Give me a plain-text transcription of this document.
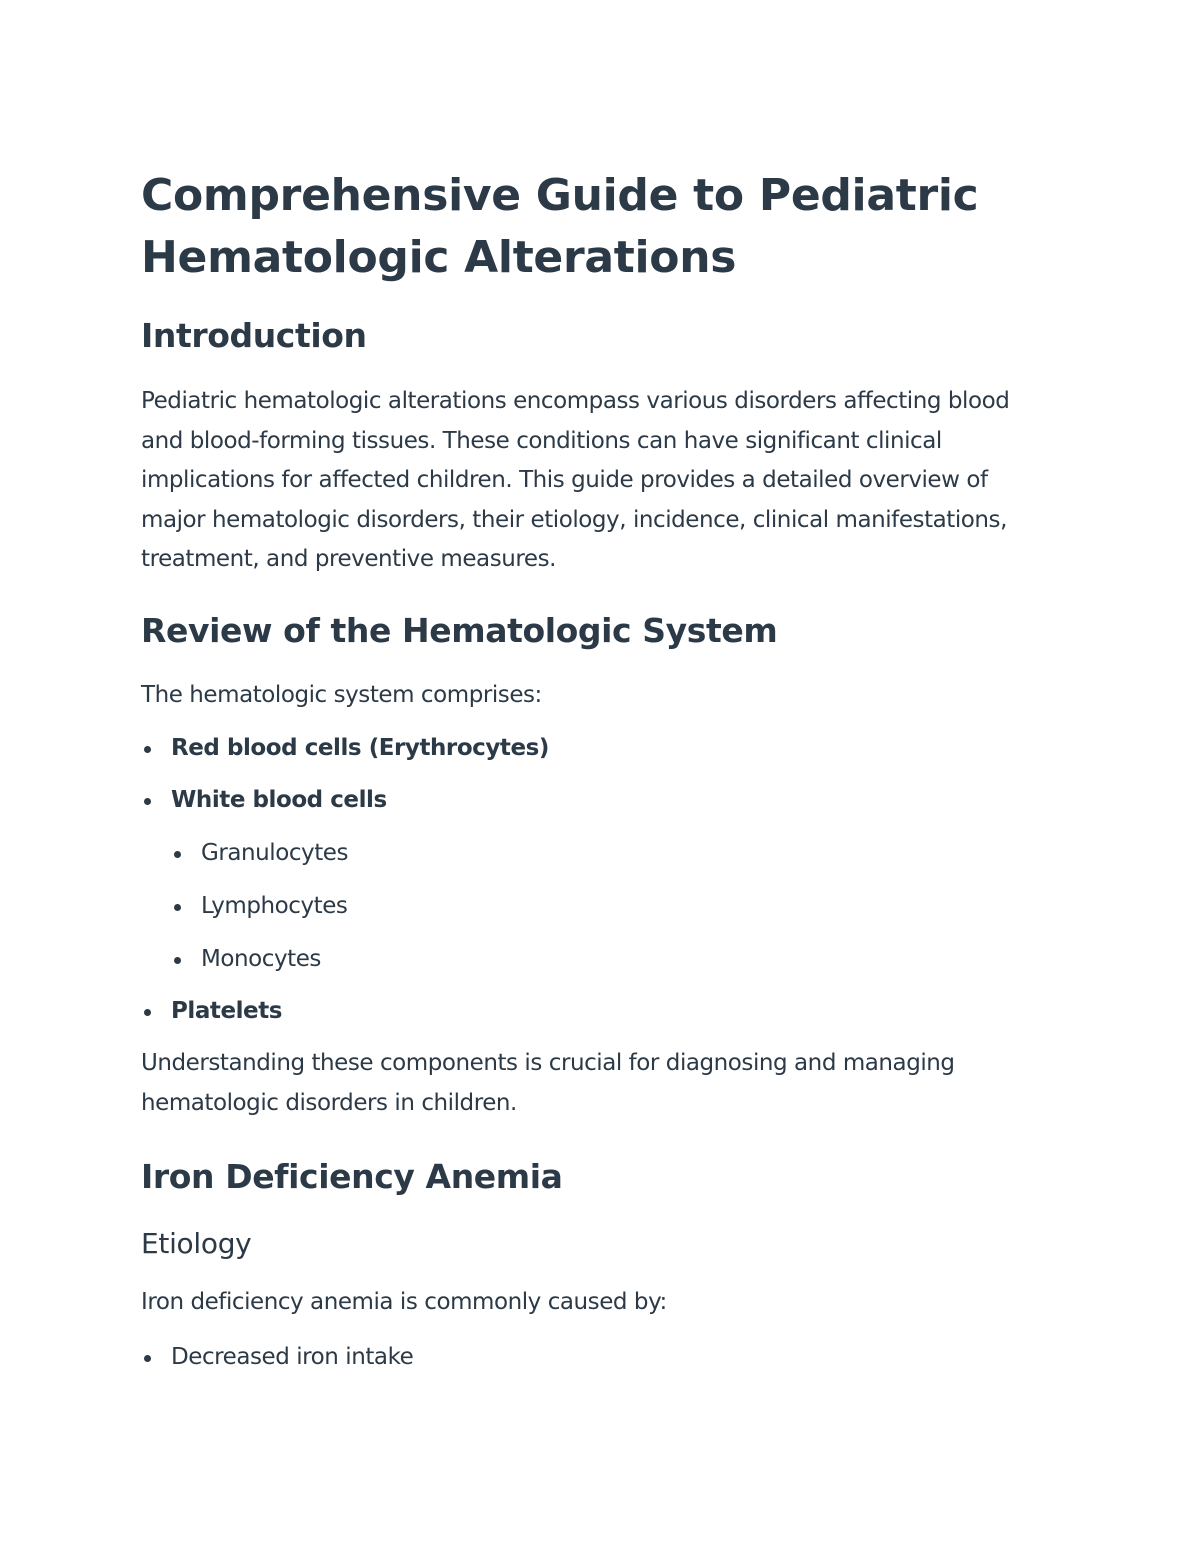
Comprehensive Guide to Pediatric Hematologic Alterations
Introduction

Pediatric hematologic alterations encompass various disorders affecting blood and blood-forming tissues. These conditions can have significant clinical implications for affected children. This guide provides a detailed overview of major hematologic disorders, their etiology, incidence, clinical manifestations, treatment, and preventive measures.

Review of the Hematologic System

The hematologic system comprises:

Red blood cells (Erythrocytes)
White blood cells
Granulocytes
Lymphocytes
Monocytes
Platelets

Understanding these components is crucial for diagnosing and managing hematologic disorders in children.

Iron Deficiency Anemia
Etiology

Iron deficiency anemia is commonly caused by:

Decreased iron intake
